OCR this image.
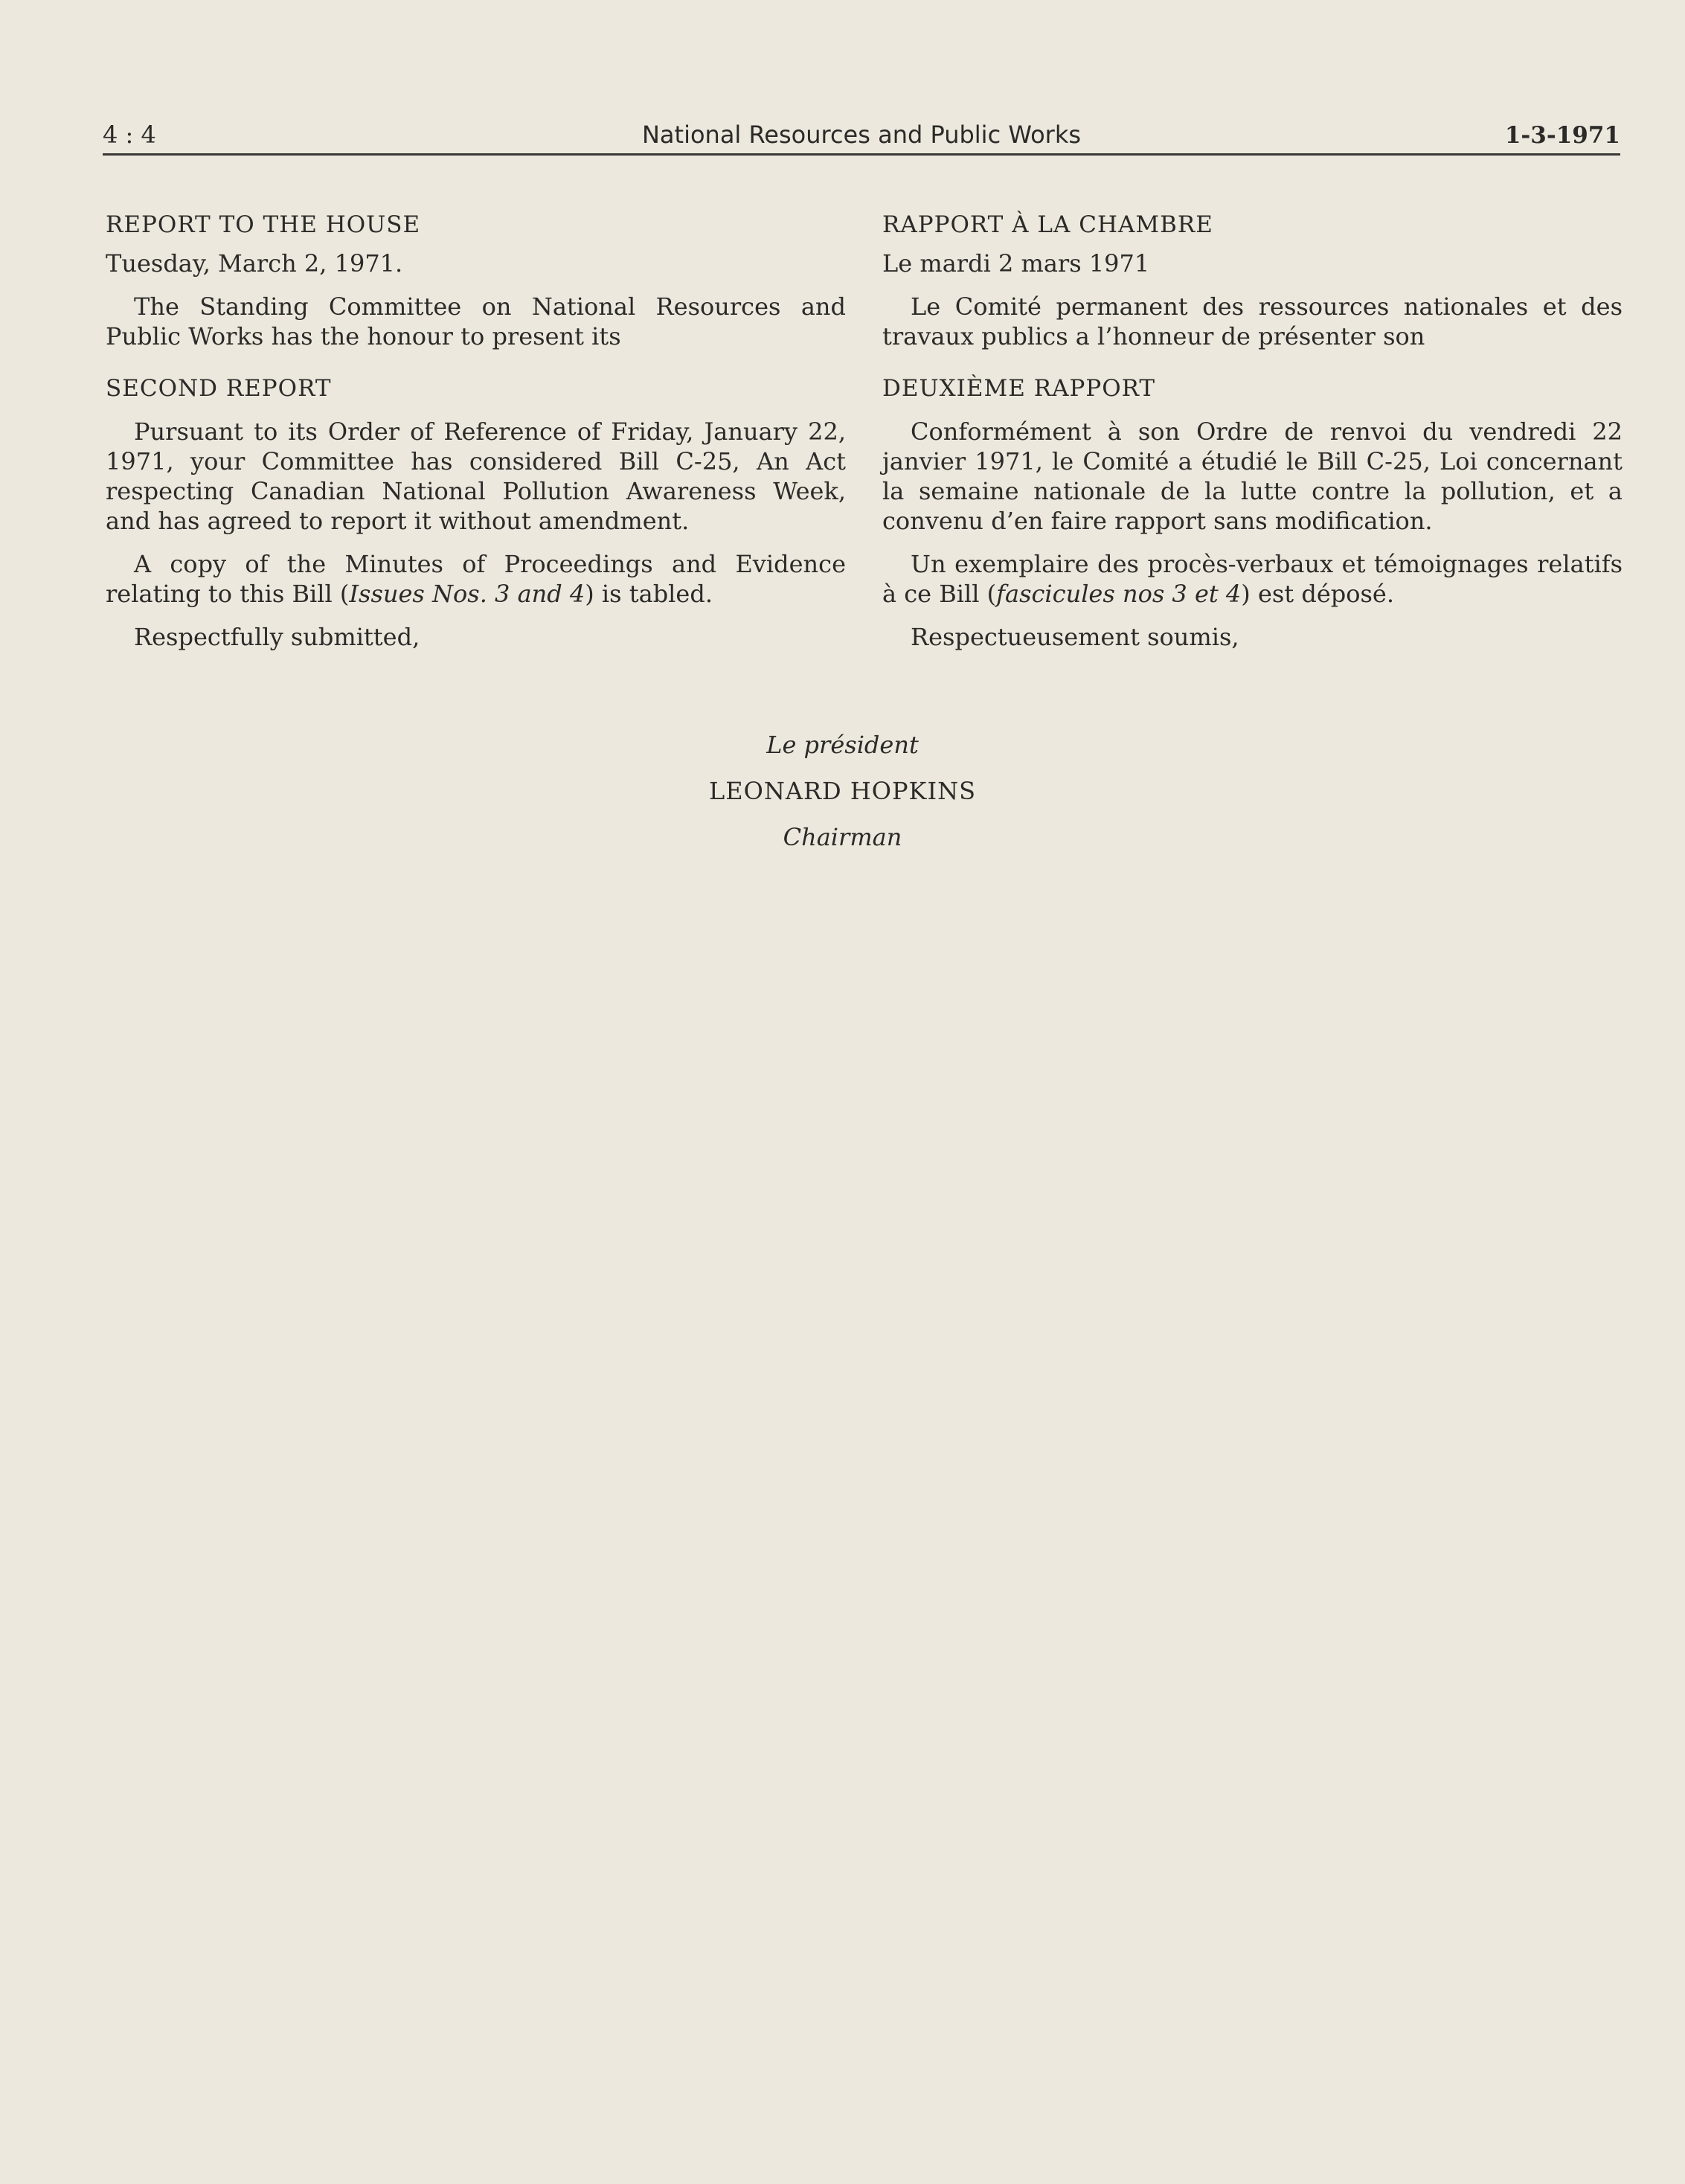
4 : 4	National Resources and Public Works	1-3-1971

REPORT TO THE HOUSE

Tuesday, March 2, 1971.

The Standing Committee on National Resources and Public Works has the honour to present its

SECOND REPORT

Pursuant to its Order of Reference of Friday, January 22, 1971, your Committee has considered Bill C-25, An Act respecting Canadian National Pollution Awareness Week, and has agreed to report it without amendment.

A copy of the Minutes of Proceedings and Evidence relating to this Bill (Issues Nos. 3 and 4) is tabled.

Respectfully submitted,

RAPPORT À LA CHAMBRE

Le mardi 2 mars 1971

Le Comité permanent des ressources nationales et des travaux publics a l’honneur de présenter son

DEUXIÈME RAPPORT

Conformément à son Ordre de renvoi du vendredi 22 janvier 1971, le Comité a étudié le Bill C-25, Loi concernant la semaine nationale de la lutte contre la pollution, et a convenu d’en faire rapport sans modification.

Un exemplaire des procès-verbaux et témoignages relatifs à ce Bill (fascicules nos 3 et 4) est déposé.

Respectueusement soumis,

Le président
LEONARD HOPKINS
Chairman
